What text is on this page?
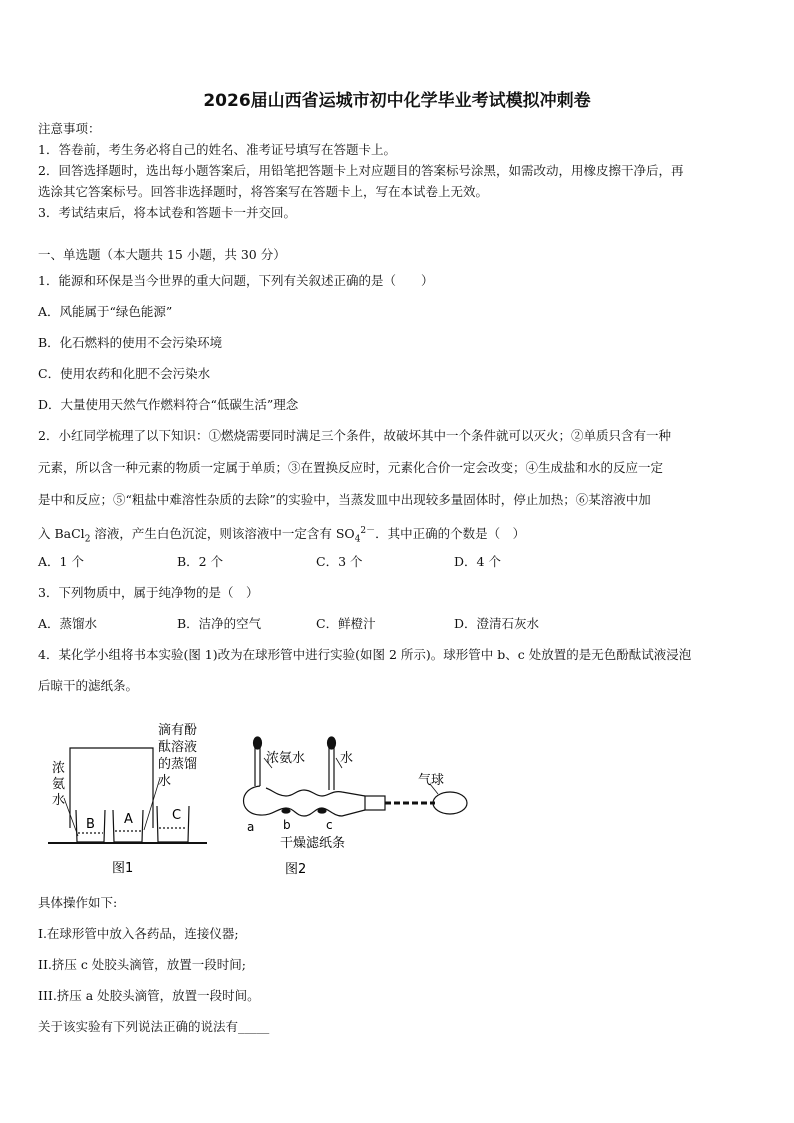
2026届山西省运城市初中化学毕业考试模拟冲刺卷
注意事项：
1．答卷前，考生务必将自己的姓名、准考证号填写在答题卡上。
2．回答选择题时，选出每小题答案后，用铅笔把答题卡上对应题目的答案标号涂黑，如需改动，用橡皮擦干净后，再
选涂其它答案标号。回答非选择题时，将答案写在答题卡上，写在本试卷上无效。
3．考试结束后，将本试卷和答题卡一并交回。
一、单选题（本大题共 15 小题，共 30 分）
1．能源和环保是当今世界的重大问题，下列有关叙述正确的是（　　）
A．风能属于“绿色能源”
B．化石燃料的使用不会污染环境
C．使用农药和化肥不会污染水
D．大量使用天然气作燃料符合“低碳生活”理念
2．小红同学梳理了以下知识：①燃烧需要同时满足三个条件，故破坏其中一个条件就可以灭火；②单质只含有一种
元素，所以含一种元素的物质一定属于单质；③在置换反应时，元素化合价一定会改变；④生成盐和水的反应一定
是中和反应；⑤“粗盐中难溶性杂质的去除”的实验中，当蒸发皿中出现较多量固体时，停止加热；⑥某溶液中加
入 BaCl$_2$ 溶液，产生白色沉淀，则该溶液中一定含有 $SO_4^{2-}$．其中正确的个数是（　）
A．1 个	B．2 个	C．3 个	D．4 个
3．下列物质中，属于纯净物的是（　）
A．蒸馏水	B．洁净的空气	C．鲜橙汁	D．澄清石灰水
4．某化学小组将书本实验(图 1)改为在球形管中进行实验(如图 2 所示)。球形管中 b、c 处放置的是无色酚酞试液浸泡
后晾干的滤纸条。
浓
氨
水
滴有酚
酞溶液
的蒸馏
水
B A	C
图1
浓氨水	水
气球
a b	c
干燥滤纸条
图2
具体操作如下:
I.在球形管中放入各药品，连接仪器;
II.挤压 c 处胶头滴管，放置一段时间;
III.挤压 a 处胶头滴管，放置一段时间。
关于该实验有下列说法正确的说法有_____
